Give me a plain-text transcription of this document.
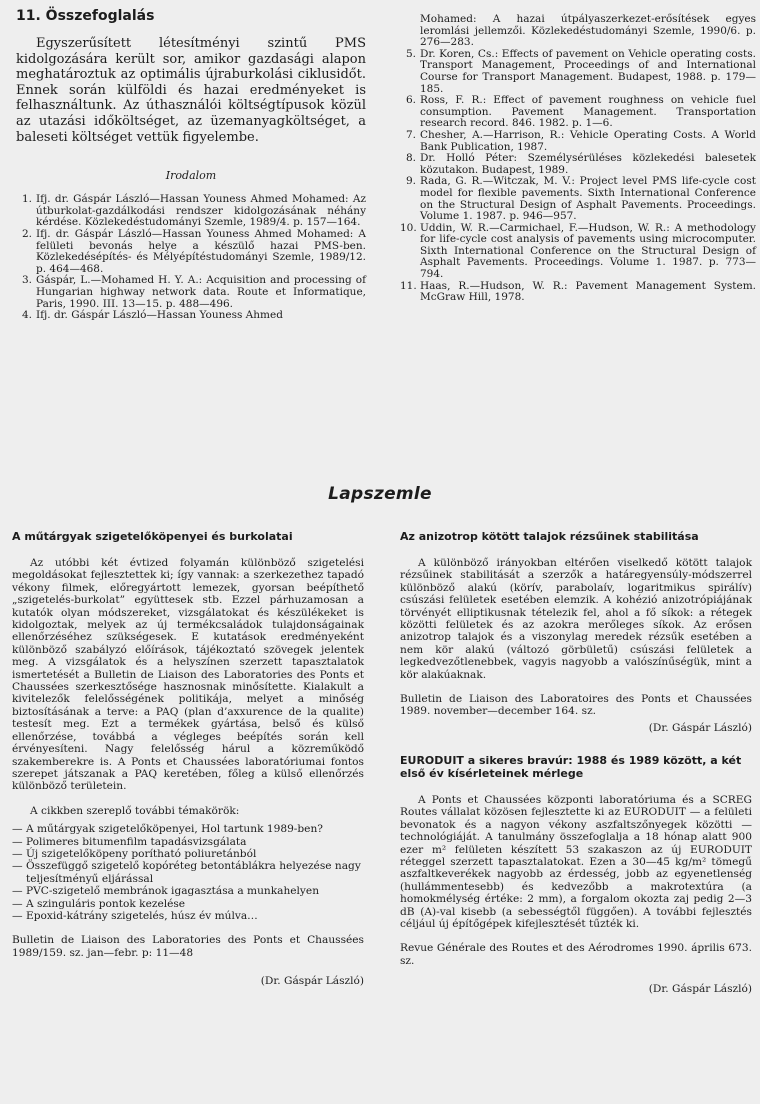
11. Összefoglalás

Egyszerűsített létesítményi szintű PMS kidolgozására került sor, amikor gazdasági alapon meghatároztuk az optimális újraburkolási ciklusidőt. Ennek során külföldi és hazai eredményeket is felhasználtunk. Az úthasználói költségtípusok közül az utazási időköltséget, az üzemanyagköltséget, a baleseti költséget vettük figyelembe.

Irodalom
1. Ifj. dr. Gáspár László—Hassan Youness Ahmed Mohamed: Az útburkolat-gazdálkodási rendszer kidolgozásának néhány kérdése. Közlekedéstudományi Szemle, 1989/4. p. 157—164.
2. Ifj. dr. Gáspár László—Hassan Youness Ahmed Mohamed: A felületi bevonás helye a készülő hazai PMS-ben. Közlekedésépítés- és Mélyépítéstudományi Szemle, 1989/12. p. 464—468.
3. Gáspár, L.—Mohamed H. Y. A.: Acquisition and processing of Hungarian highway network data. Route et Informatique, Paris, 1990. III. 13—15. p. 488—496.
4. Ifj. dr. Gáspár László—Hassan Youness Ahmed
Mohamed: A hazai útpályaszerkezet-erősítések egyes leromlási jellemzői. Közlekedéstudományi Szemle, 1990/6. p. 276—283.
5. Dr. Koren, Cs.: Effects of pavement on Vehicle operating costs. Transport Management, Proceedings of and International Course for Transport Management. Budapest, 1988. p. 179—185.
6. Ross, F. R.: Effect of pavement roughness on vehicle fuel consumption. Pavement Management. Transportation research record. 846. 1982. p. 1—6.
7. Chesher, A.—Harrison, R.: Vehicle Operating Costs. A World Bank Publication, 1987.
8. Dr. Holló Péter: Személysérüléses közlekedési balesetek közutakon. Budapest, 1989.
9. Rada, G. R.—Witczak, M. V.: Project level PMS life-cycle cost model for flexible pavements. Sixth International Conference on the Structural Design of Asphalt Pavements. Proceedings. Volume 1. 1987. p. 946—957.
10. Uddin, W. R.—Carmichael, F.—Hudson, W. R.: A methodology for life-cycle cost analysis of pavements using microcomputer. Sixth International Conference on the Structural Design of Asphalt Pavements. Proceedings. Volume 1. 1987. p. 773—794.
11. Haas, R.—Hudson, W. R.: Pavement Management System. McGraw Hill, 1978.
Lapszemle
A műtárgyak szigetelőköpenyei és burkolatai

Az utóbbi két évtized folyamán különböző szigetelési megoldásokat fejlesztettek ki; így vannak: a szerkezethez tapadó vékony filmek, előregyártott lemezek, gyorsan beépíthető „szigetelés-burkolat” együttesek stb. Ezzel párhuzamosan a kutatók olyan módszereket, vizsgálatokat és készülékeket is kidolgoztak, melyek az új termékcsaládok tulajdonságainak ellenőrzéséhez szükségesek. E kutatások eredményeként különböző szabályzó előírások, tájékoztató szövegek jelentek meg. A vizsgálatok és a helyszínen szerzett tapasztalatok ismertetését a Bulletin de Liaison des Laboratories des Ponts et Chaussées szerkesztősége hasznosnak minősítette. Kialakult a kivitelezők felelősségének politikája, melyet a minőség biztosításának a terve: a PAQ (plan d’axxurence de la qualite) testesít meg. Ezt a termékek gyártása, belső és külső ellenőrzése, továbbá a végleges beépítés során kell érvényesíteni. Nagy felelősség hárul a közreműködő szakemberekre is. A Ponts et Chaussées laboratóriumai fontos szerepet játszanak a PAQ keretében, főleg a külső ellenőrzés különböző területein.

A cikkben szereplő további témakörök:

— A műtárgyak szigetelőköpenyei, Hol tartunk 1989-ben?
— Polimeres bitumenfilm tapadásvizsgálata
— Új szigetelőköpeny porítható poliuretánból
— Összefüggő szigetelő kopóréteg betontáblákra helyezése nagy teljesítményű eljárással
— PVC-szigetelő membránok igagasztása a munkahelyen
— A szinguláris pontok kezelése
— Epoxid-kátrány szigetelés, húsz év múlva…

Bulletin de Liaison des Laboratories des Ponts et Chaussées 1989/159. sz. jan—febr. p: 11—48

(Dr. Gáspár László)

Az anizotrop kötött talajok rézsűinek stabilitása

A különböző irányokban eltérően viselkedő kötött talajok rézsűinek stabilitását a szerzők a határegyensúly-módszerrel különböző alakú (körív, parabolaív, logaritmikus spirálív) csúszási felületek esetében elemzik. A kohézió anizotrópiájának törvényét elliptikusnak tételezik fel, ahol a fő síkok: a rétegek közötti felületek és az azokra merőleges síkok. Az erősen anizotrop talajok és a viszonylag meredek rézsűk esetében a nem kör alakú (változó görbületű) csúszási felületek a legkedvezőtlenebbek, vagyis nagyobb a valószínűségük, mint a kör alakúaknak.

Bulletin de Liaison des Laboratoires des Ponts et Chaussées 1989. november—december 164. sz.

(Dr. Gáspár László)

EURODUIT a sikeres bravúr: 1988 és 1989 között, a két első év kísérleteinek mérlege

A Ponts et Chaussées központi laboratóriuma és a SCREG Routes vállalat közösen fejlesztette ki az EURODUIT — a felületi bevonatok és a nagyon vékony aszfaltszőnyegek közötti — technológiáját. A tanulmány összefoglalja a 18 hónap alatt 900 ezer m² felületen készített 53 szakaszon az új EURODUIT réteggel szerzett tapasztalatokat. Ezen a 30—45 kg/m² tömegű aszfaltkeverékek nagyobb az érdesség, jobb az egyenetlenség (hullámmentesebb) és kedvezőbb a makrotextúra (a homokmélység értéke: 2 mm), a forgalom okozta zaj pedig 2—3 dB (A)-val kisebb (a sebességtől függően). A további fejlesztés céljául új építőgépek kifejlesztését tűzték ki.

Revue Générale des Routes et des Aérodromes 1990. április 673. sz.

(Dr. Gáspár László)
